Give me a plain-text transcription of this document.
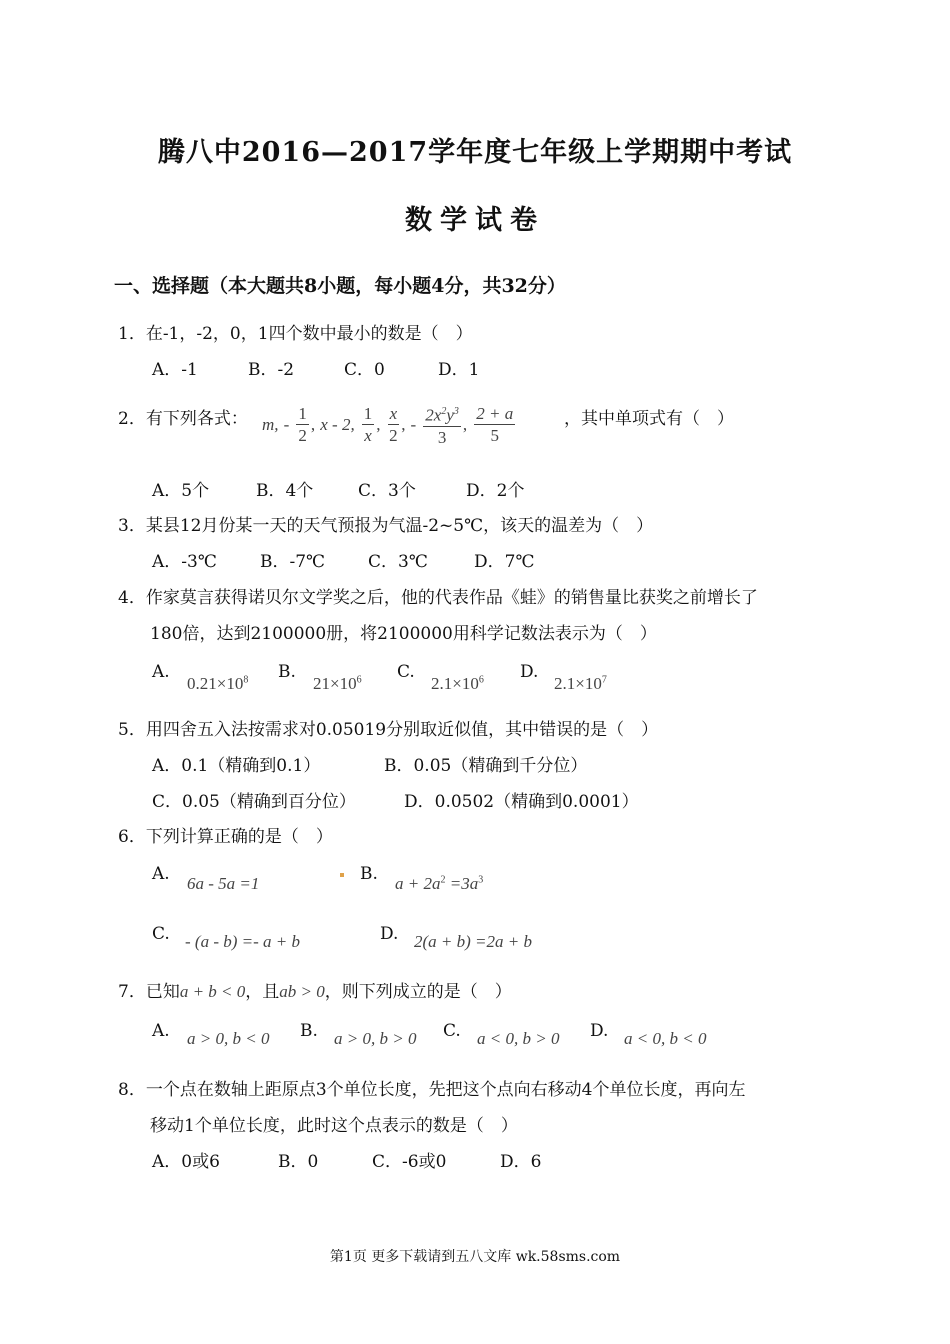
腾八中2016—2017学年度七年级上学期期中考试
数学试卷
一、选择题（本大题共8小题，每小题4分，共32分）
1．在-1，-2，0，1四个数中最小的数是（　）
A．-1	B．-2	C．0	D．1
2．有下列各式： m, - $\frac{1}{2}$ , x - 2, $\frac{1}{x}$ , $\frac{x}{2}$ , - $\frac{2x^2y^3}{3}$ , $\frac{2 + a}{5}$	，其中单项式有（　）
A．5个	B．4个	C．3个	D．2个
3．某县12月份某一天的天气预报为气温-2~5℃，该天的温差为（　）
A．-3℃	B．-7℃	C．3℃	D．7℃
4．作家莫言获得诺贝尔文学奖之后，他的代表作品《蛙》的销售量比获奖之前增长了
180倍，达到2100000册，将2100000用科学记数法表示为（　）
A.
$0.21\times 10^8$ B.
$21\times 10^6$ C.
$2.1\times 10^6$ D.
$2.1\times 10^7$
5．用四舍五入法按需求对0.05019分别取近似值，其中错误的是（　）
A．0.1（精确到0.1）	B．0.05（精确到千分位）
C．0.05（精确到百分位）	D．0.0502（精确到0.0001）
6．下列计算正确的是（　）
A. 6a - 5a =1	B. $a + 2a^2 =3a^3$
C. - (a - b) =- a + b	D. 2(a + b) =2a + b
7．已知a + b < 0，且ab > 0，则下列成立的是（　）
A. a > 0, b < 0 B. a > 0, b > 0 C. a < 0, b > 0 D. a < 0, b < 0
8．一个点在数轴上距原点3个单位长度，先把这个点向右移动4个单位长度，再向左
移动1个单位长度，此时这个点表示的数是（　）
A．0或6	B．0	C．-6或0	D．6
第1页 更多下载请到五八文库 wk.58sms.com
